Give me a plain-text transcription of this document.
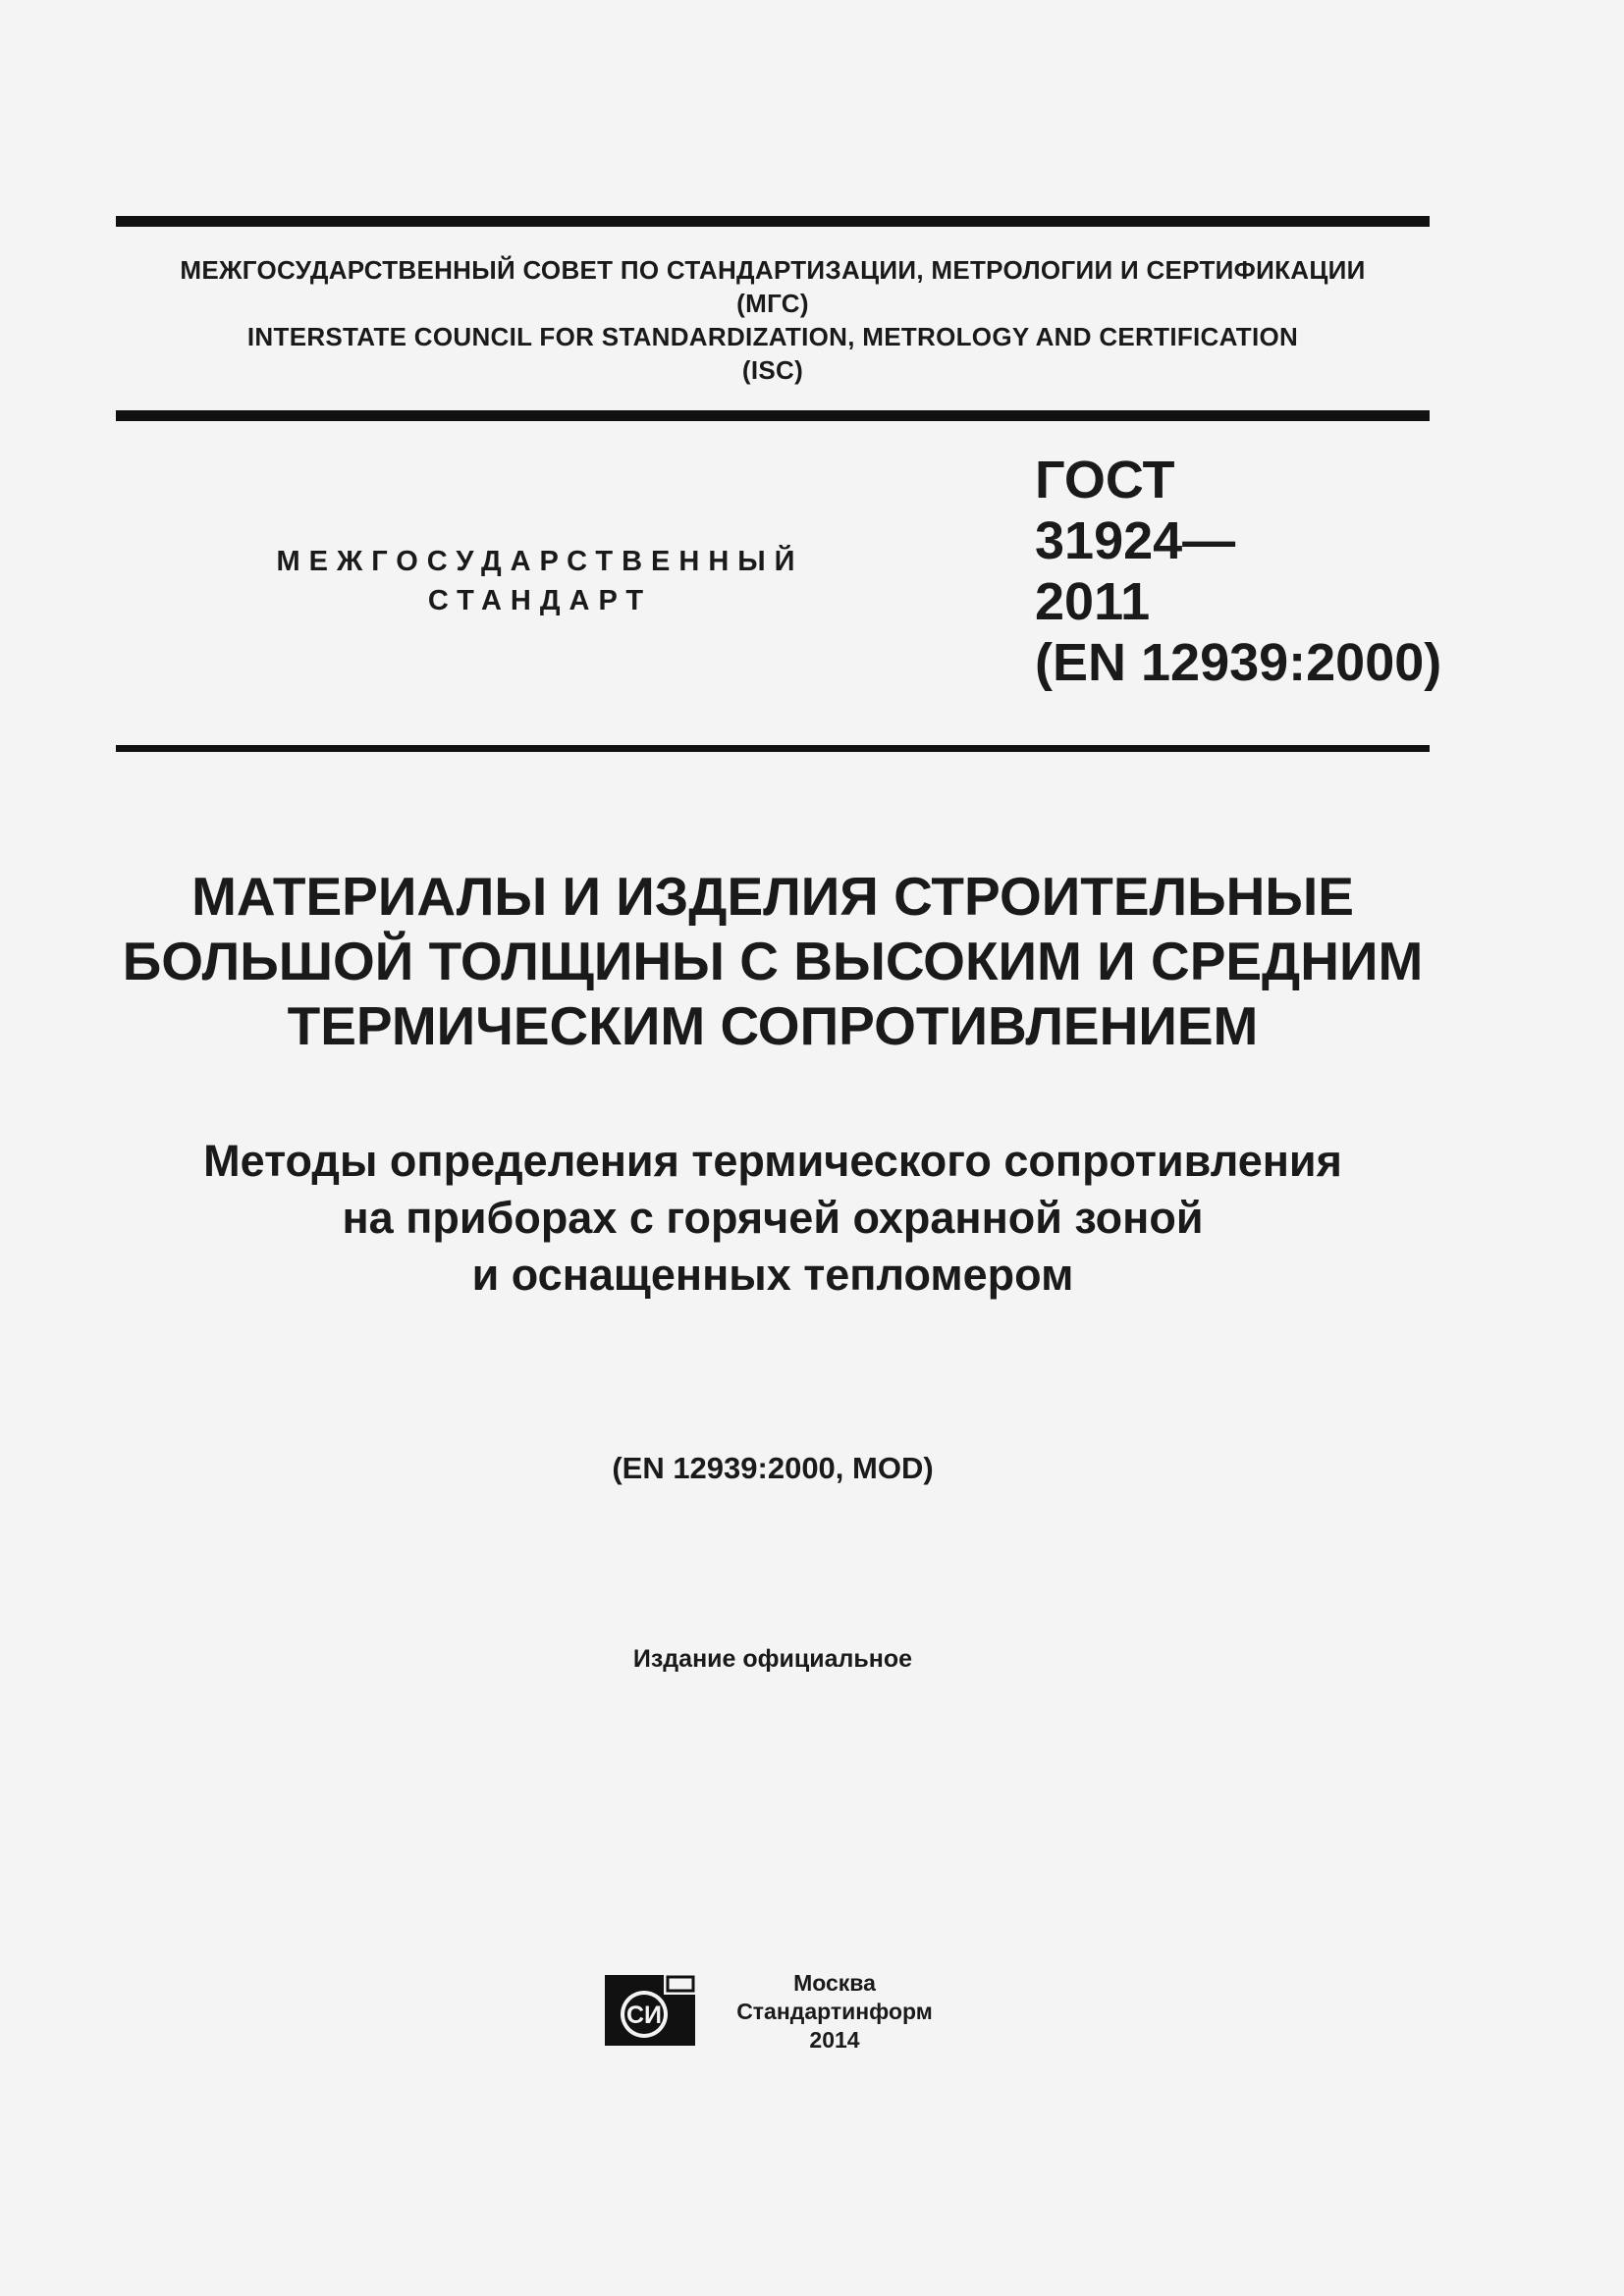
МЕЖГОСУДАРСТВЕННЫЙ СОВЕТ ПО СТАНДАРТИЗАЦИИ, МЕТРОЛОГИИ И СЕРТИФИКАЦИИ
(МГС)
INTERSTATE COUNCIL FOR STANDARDIZATION, METROLOGY AND CERTIFICATION
(ISC)
МЕЖГОСУДАРСТВЕННЫЙ
СТАНДАРТ
ГОСТ
31924—
2011
(EN 12939:2000)
МАТЕРИАЛЫ И ИЗДЕЛИЯ СТРОИТЕЛЬНЫЕ
БОЛЬШОЙ ТОЛЩИНЫ С ВЫСОКИМ И СРЕДНИМ
ТЕРМИЧЕСКИМ СОПРОТИВЛЕНИЕМ
Методы определения термического сопротивления
на приборах с горячей охранной зоной
и оснащенных тепломером
(EN 12939:2000, MOD)
Издание официальное
СИ
Москва
Стандартинформ
2014
